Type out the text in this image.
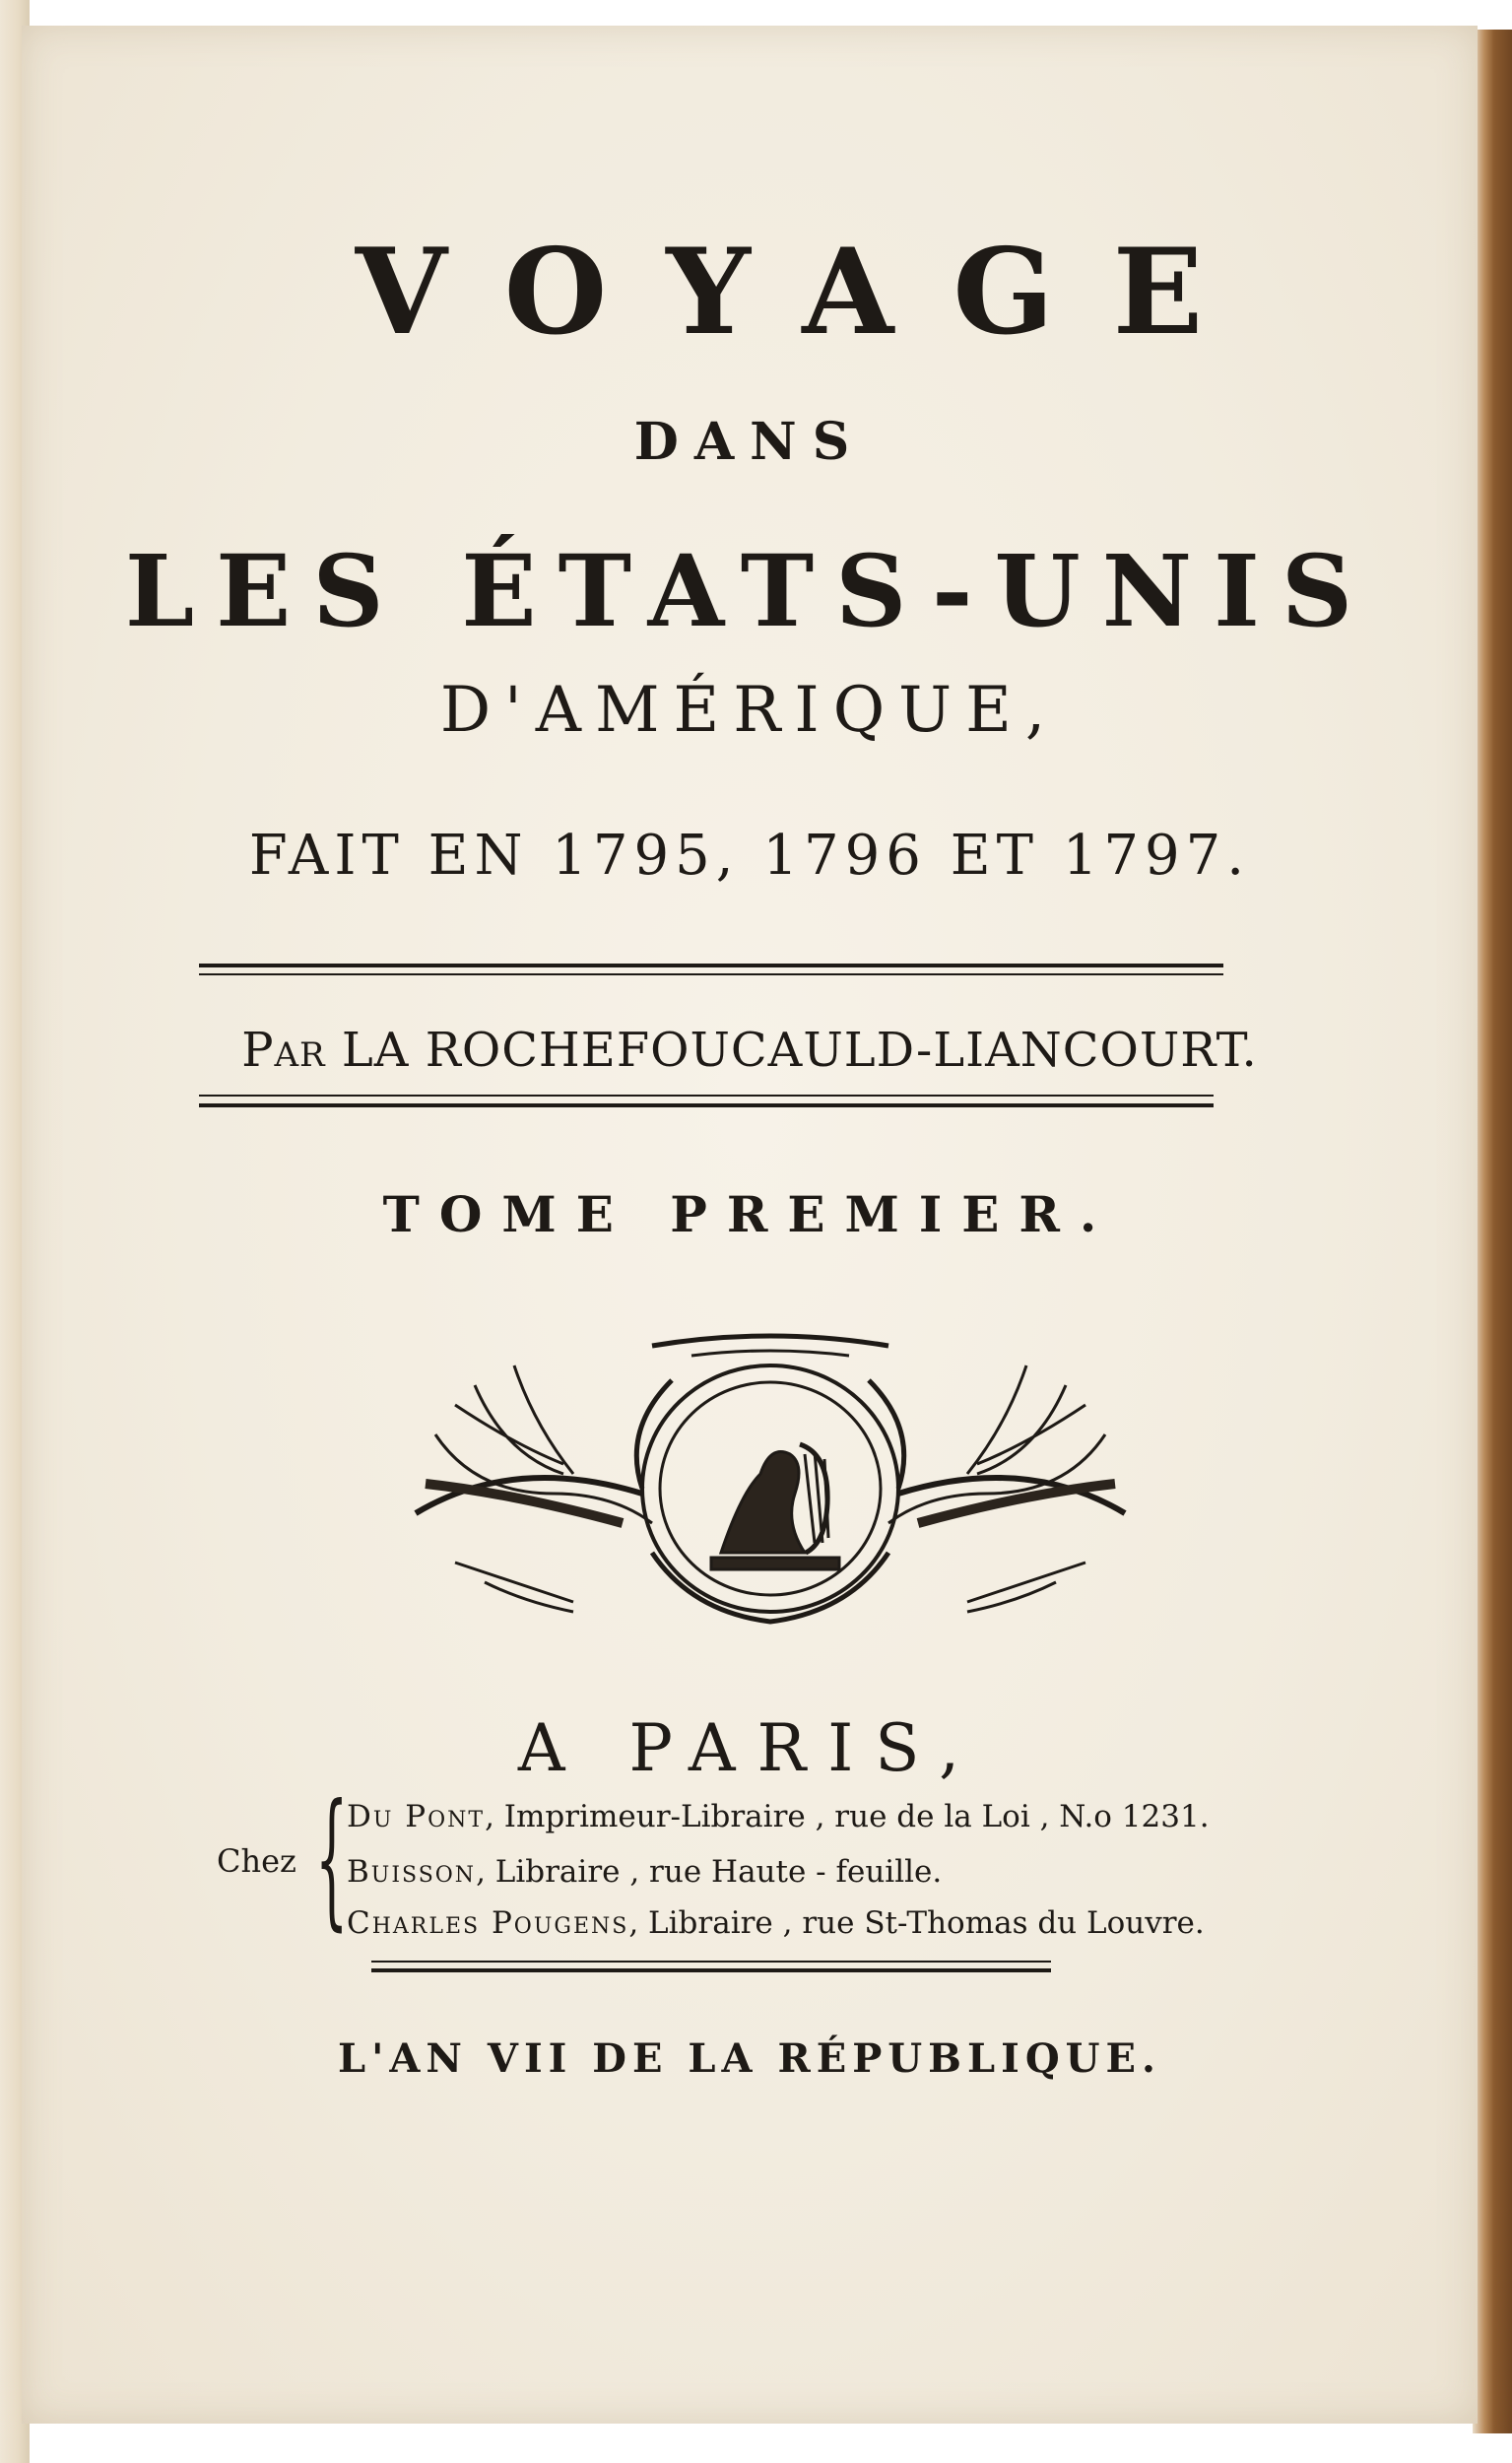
VOYAGE
DANS
LES ÉTATS-UNIS
D'AMÉRIQUE,
FAIT EN 1795, 1796 ET 1797.
Par LA ROCHEFOUCAULD-LIANCOURT.
TOME PREMIER.
A PARIS,
Chez {
Du Pont, Imprimeur-Libraire , rue de la Loi , N.o 1231.
Buisson, Libraire , rue Haute - feuille.
Charles Pougens, Libraire , rue St-Thomas du Louvre.
L'AN VII DE LA RÉPUBLIQUE.
